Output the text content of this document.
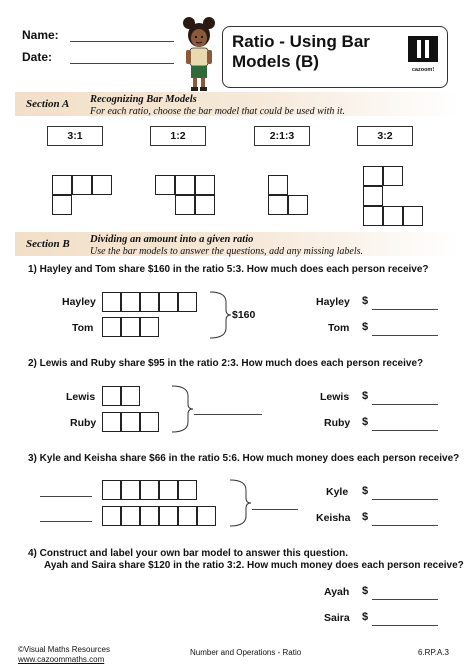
Name:
Date:
Ratio - Using Bar Models (B)	cazoom!
Section A Recognizing Bar Models
For each ratio, choose the bar model that could be used with it.
3:1	1:2	2:1:3	3:2
Section B Dividing an amount into a given ratio
Use the bar models to answer the questions, add any missing labels.
1) Hayley and Tom share $160 in the ratio 5:3. How much does each person receive?
Hayley
Tom
$160
Hayley $
Tom $
2) Lewis and Ruby share $95 in the ratio 2:3. How much does each person receive?
Lewis
Ruby
Lewis $
Ruby $
3) Kyle and Keisha share $66 in the ratio 5:6. How much money does each person receive?
Kyle $
Keisha $
4) Construct and label your own bar model to answer this question.
Ayah and Saira share $120 in the ratio 3:2. How much money does each person receive?
Ayah $
Saira $
©Visual Maths Resources
www.cazoommaths.com
Number and Operations - Ratio	6.RP.A.3
